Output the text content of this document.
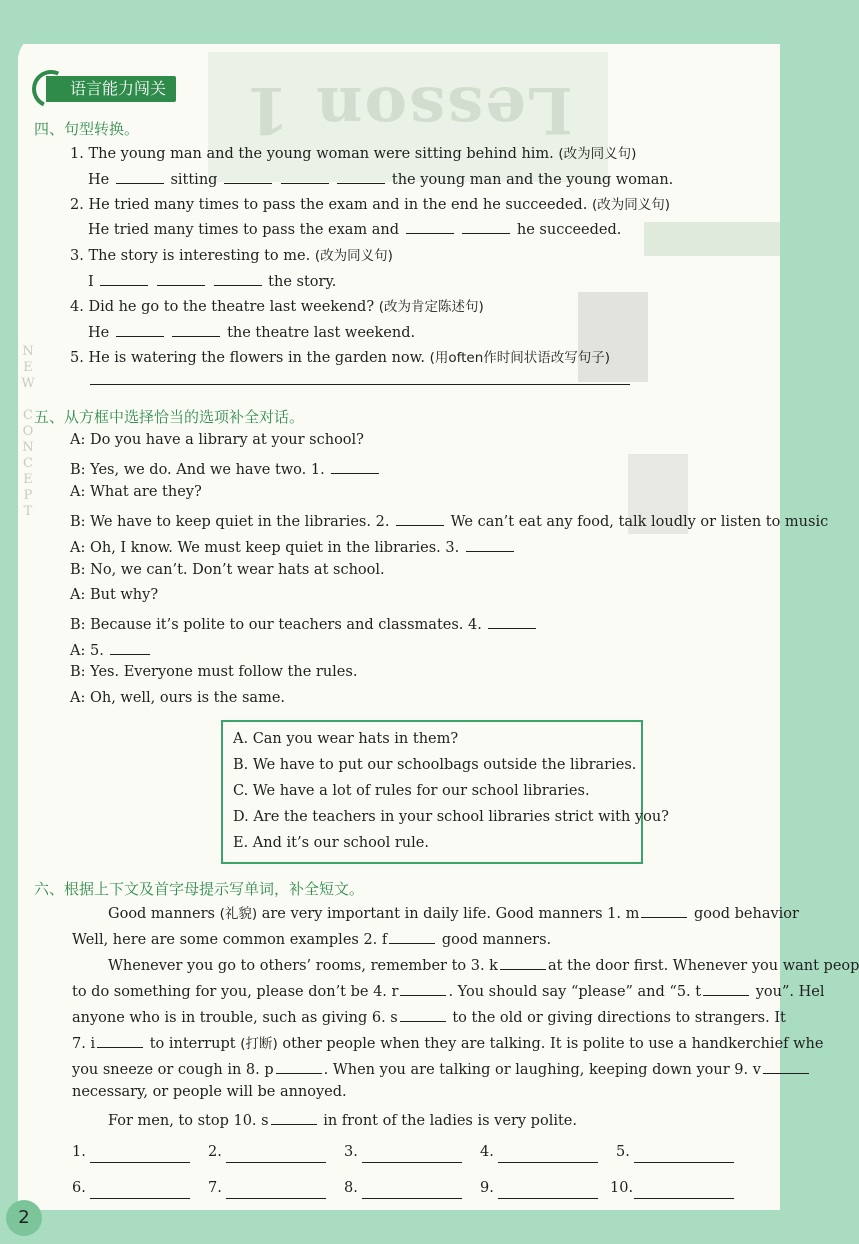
Lesson 1
N
E
W

C
O
N
C
E
P
T
语言能力闯关
四、句型转换。
1. The young man and the young woman were sitting behind him. (改为同义句)
He	sitting	the young man and the young woman.
2. He tried many times to pass the exam and in the end he succeeded. (改为同义句)
He tried many times to pass the exam and	he succeeded.
3. The story is interesting to me. (改为同义句)
I	the story.
4. Did he go to the theatre last weekend? (改为肯定陈述句)
He	the theatre last weekend.
5. He is watering the flowers in the garden now. (用often作时间状语改写句子)
五、从方框中选择恰当的选项补全对话。
A: Do you have a library at your school?
B: Yes, we do. And we have two. 1.
A: What are they?
B: We have to keep quiet in the libraries. 2.	We can’t eat any food, talk loudly or listen to music
A: Oh, I know. We must keep quiet in the libraries. 3.
B: No, we can’t. Don’t wear hats at school.
A: But why?
B: Because it’s polite to our teachers and classmates. 4.
A: 5.
B: Yes. Everyone must follow the rules.
A: Oh, well, ours is the same.
A. Can you wear hats in them?
B. We have to put our schoolbags outside the libraries.
C. We have a lot of rules for our school libraries.
D. Are the teachers in your school libraries strict with you?
E. And it’s our school rule.
六、根据上下文及首字母提示写单词，补全短文。
Good manners (礼貌) are very important in daily life. Good manners 1. m	good behavior
Well, here are some common examples 2. f	good manners.
Whenever you go to others’ rooms, remember to 3. k	at the door first. Whenever you want peop
to do something for you, please don’t be 4. r	. You should say “please” and “5. t	you”. Hel
anyone who is in trouble, such as giving 6. s	to the old or giving directions to strangers. It
7. i	to interrupt (打断) other people when they are talking. It is polite to use a handkerchief whe
you sneeze or cough in 8. p	. When you are talking or laughing, keeping down your 9. v
necessary, or people will be annoyed.
For men, to stop 10. s	in front of the ladies is very polite.
1.	2.	3.	4.	5.
6.	7.	8.	9.	10.
2
